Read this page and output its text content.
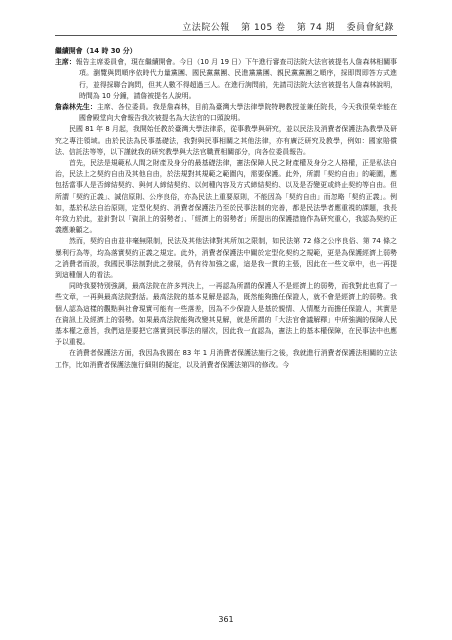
立法院公報 第 105 卷 第 74 期 委員會紀錄

繼續開會（14 時 30 分）

主席：報告主席委員會，現在繼續開會。今日（10 月 19 日）下午進行審查司法院大法官被提名人詹森林相關事項。瀏覽與問順序依時代力量黨團、國民黨黨團、民進黨黨團、親民黨黨團之順序，採即問即答方式進行，並得採聯合詢問，但其人數不得超過三人。在進行詢問前，先請司法院大法官被提名人詹森林說明，時間為 10 分鐘，請詹被提名人說明。

詹森林先生：主席、各位委員。我是詹森林，目前為臺灣大學法律學院特聘教授並兼任院長，今天我很榮幸能在國會殿堂向大會報告我次被提名為大法官的口頭說明。

民國 81 年 8 月起，我開始任教於臺灣大學法律系，從事教學與研究，並以民法及消費者保護法為教學及研究之專注領域。由於民法為民事基礎法，我對與民事相關之其他法律，亦有廣泛研究及教學，例如：國家賠償法、信託法等等，以下謹就我的研究教學與大法官職責相關部分，向各位委員報告。

首先，民法是規範私人間之財產及身分的最基礎法律，憲法保障人民之財產權及身分之人格權，正是私法自治，民法上之契約自由及其他自由，於法規對其規範之範圍內，需要保護。此外，所謂「契約自由」的範圍，應包括當事人是否締結契約、與何人締結契約、以何種內容及方式締結契約、以及是否變更或終止契約等自由。但所謂「契約正義」、誠信原則、公序良俗，亦為民法上重要原則，不能因為「契約自由」而忽略「契約正義」。例如，基於私法自治原則，定型化契約、消費者保護法乃至於民事法制的完善，都是民法學者應重視的課題，我長年致力於此，並針對以「資訊上的弱勢者」、「經濟上的弱勢者」所提出的保護措施作為研究重心，我認為契約正義應兼顧之。

然而，契約自由並非毫無限制，民法及其他法律對其所加之限制，如民法第 72 條之公序良俗、第 74 條之暴利行為等，均為落實契約正義之規定。此外，消費者保護法中關於定型化契約之規範，更是為保護經濟上弱勢之消費者而設，我國民事法制對此之發展，仍有待加強之處，這是我一貫的主張，因此在一些文章中，也一再提到這種個人的看法。

同時我要特別強調，最高法院在許多判決上，一再認為所謂的保護人不是經濟上的弱勢，而我對此也寫了一些文章，一再與最高法院對話。最高法院的基本見解是認為，既然能夠擔任保證人，就不會是經濟上的弱勢。我個人認為這樣的觀點與社會現實可能有一些落差，因為不少保證人是基於親情、人情壓力而擔任保證人，其實是在資訊上及經濟上的弱勢。如果最高法院能夠改變其見解，就是所謂的「大法官會議解釋」中所強調的保障人民基本權之意旨，我們這是要把它落實到民事法的層次，因此我一直認為，憲法上的基本權保障，在民事法中也應予以重視。

在消費者保護法方面，我因為我國在 83 年 1 月消費者保護法施行之後，我就進行消費者保護法相關的立法工作，比如消費者保護法施行細則的擬定，以及消費者保護法第四的修改。今

361
